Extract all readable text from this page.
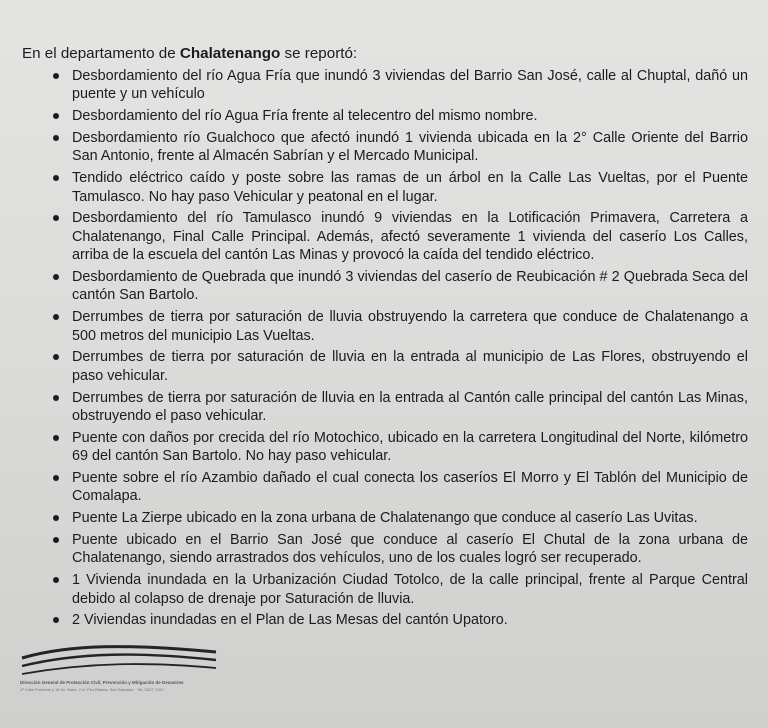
En el departamento de Chalatenango se reportó:

Desbordamiento del río Agua Fría que inundó 3 viviendas del Barrio San José, calle al Chuptal, dañó un puente y un vehículo
Desbordamiento del río Agua Fría frente al telecentro del mismo nombre.
Desbordamiento río Gualchoco que afectó inundó 1 vivienda ubicada en la 2° Calle Oriente del Barrio San Antonio, frente al Almacén Sabrían y el Mercado Municipal.
Tendido eléctrico caído y poste sobre las ramas de un árbol en la Calle Las Vueltas, por el Puente Tamulasco. No hay paso Vehicular y peatonal en el lugar.
Desbordamiento del río Tamulasco inundó 9 viviendas en la Lotificación Primavera, Carretera a Chalatenango, Final Calle Principal. Además, afectó severamente 1 vivienda del caserío Los Calles, arriba de la escuela del cantón Las Minas y provocó la caída del tendido eléctrico.
Desbordamiento de Quebrada que inundó 3 viviendas del caserío de Reubicación # 2 Quebrada Seca del cantón San Bartolo.
Derrumbes de tierra por saturación de lluvia obstruyendo la carretera que conduce de Chalatenango a 500 metros del municipio Las Vueltas.
Derrumbes de tierra por saturación de lluvia en la entrada al municipio de Las Flores, obstruyendo el paso vehicular.
Derrumbes de tierra por saturación de lluvia en la entrada al Cantón calle principal del cantón Las Minas, obstruyendo el paso vehicular.
Puente con daños por crecida del río Motochico, ubicado en la carretera Longitudinal del Norte, kilómetro 69 del cantón San Bartolo. No hay paso vehicular.
Puente sobre el río Azambio dañado el cual conecta los caseríos El Morro y El Tablón del Municipio de Comalapa.
Puente La Zierpe ubicado en la zona urbana de Chalatenango que conduce al caserío Las Uvitas.
Puente ubicado en el Barrio San José que conduce al caserío El Chutal de la zona urbana de Chalatenango, siendo arrastrados dos vehículos, uno de los cuales logró ser recuperado.
1 Vivienda inundada en la Urbanización Ciudad Totolco, de la calle principal, frente al Parque Central debido al colapso de drenaje por Saturación de lluvia.
2 Viviendas inundadas en el Plan de Las Mesas del cantón Upatoro.
Dirección General de Protección Civil, Prevención y Mitigación de Desastres
1ª Calle Poniente y 15 Av. Norte, Col. Flor Blanca, San Salvador · Tel. 2527-7100
